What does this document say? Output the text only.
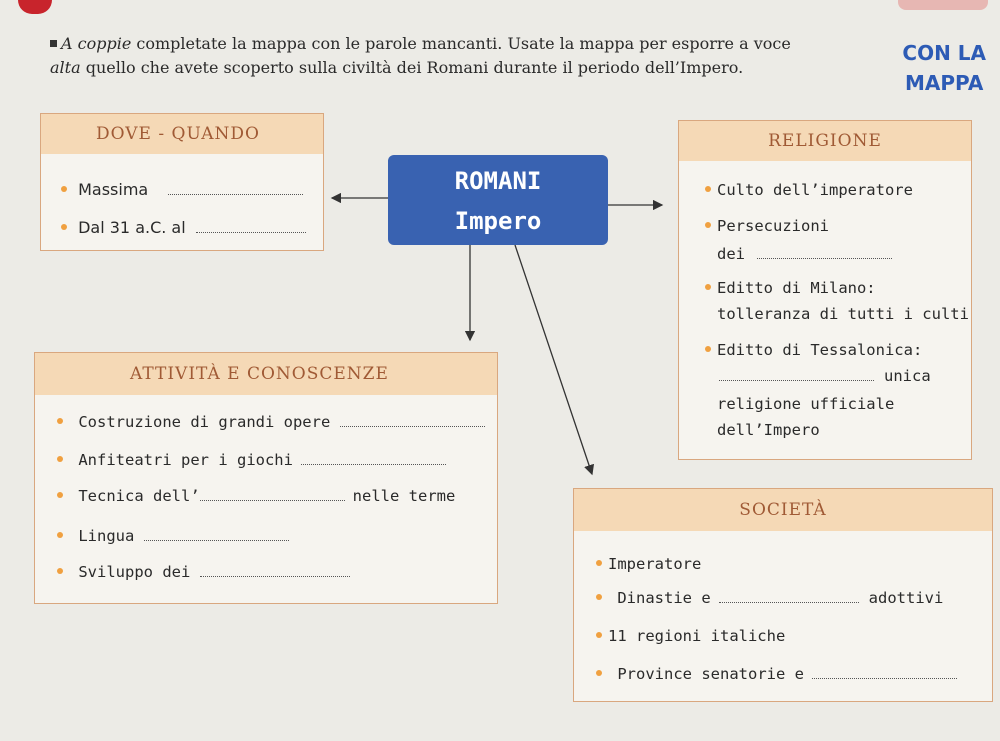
A coppie completate la mappa con le parole mancanti. Usate la mappa per esporre a voce
alta quello che avete scoperto sulla civiltà dei Romani durante il periodo dell’Impero.
CON LA
MAPPA
ROMANI
Impero
DOVE - QUANDO
Massima
Dal 31 a.C. al
RELIGIONE
Culto dell’imperatore
Persecuzioni
dei
Editto di Milano:
tolleranza di tutti i culti
Editto di Tessalonica:
unica
religione ufficiale
dell’Impero
ATTIVITÀ E CONOSCENZE
Costruzione di grandi opere
Anfiteatri per i giochi
Tecnica dell’	nelle terme
Lingua
Sviluppo dei
SOCIETÀ
Imperatore
Dinastie e	adottivi
11 regioni italiche
Province senatorie e
